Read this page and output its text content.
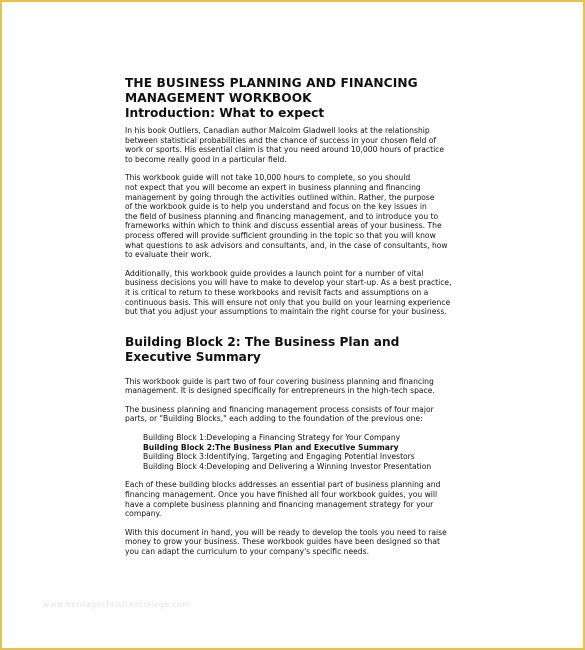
THE BUSINESS PLANNING AND FINANCING
MANAGEMENT WORKBOOK
Introduction: What to expect

In his book Outliers, Canadian author Malcolm Gladwell looks at the relationship

between statistical probabilities and the chance of success in your chosen field of

work or sports. His essential claim is that you need around 10,000 hours of practice

to become really good in a particular field.

This workbook guide will not take 10,000 hours to complete, so you should

not expect that you will become an expert in business planning and financing

management by going through the activities outlined within. Rather, the purpose

of the workbook guide is to help you understand and focus on the key issues in

the field of business planning and financing management, and to introduce you to

frameworks within which to think and discuss essential areas of your business. The

process offered will provide sufficient grounding in the topic so that you will know

what questions to ask advisors and consultants, and, in the case of consultants, how

to evaluate their work.

Additionally, this workbook guide provides a launch point for a number of vital

business decisions you will have to make to develop your start-up. As a best practice,

it is critical to return to these workbooks and revisit facts and assumptions on a

continuous basis. This will ensure not only that you build on your learning experience

but that you adjust your assumptions to maintain the right course for your business.

Building Block 2: The Business Plan and
Executive Summary

This workbook guide is part two of four covering business planning and financing

management. It is designed specifically for entrepreneurs in the high-tech space.

The business planning and financing management process consists of four major

parts, or "Building Blocks," each adding to the foundation of the previous one:

Building Block 1:Developing a Financing Strategy for Your Company
Building Block 2:The Business Plan and Executive Summary
Building Block 3:Identifying, Targeting and Engaging Potential Investors
Building Block 4:Developing and Delivering a Winning Investor Presentation

Each of these building blocks addresses an essential part of business planning and

financing management. Once you have finished all four workbook guides, you will

have a complete business planning and financing management strategy for your

company.

With this document in hand, you will be ready to develop the tools you need to raise

money to grow your business. These workbook guides have been designed so that

you can adapt the curriculum to your company's specific needs.

www.heritagechristiancollege.com
